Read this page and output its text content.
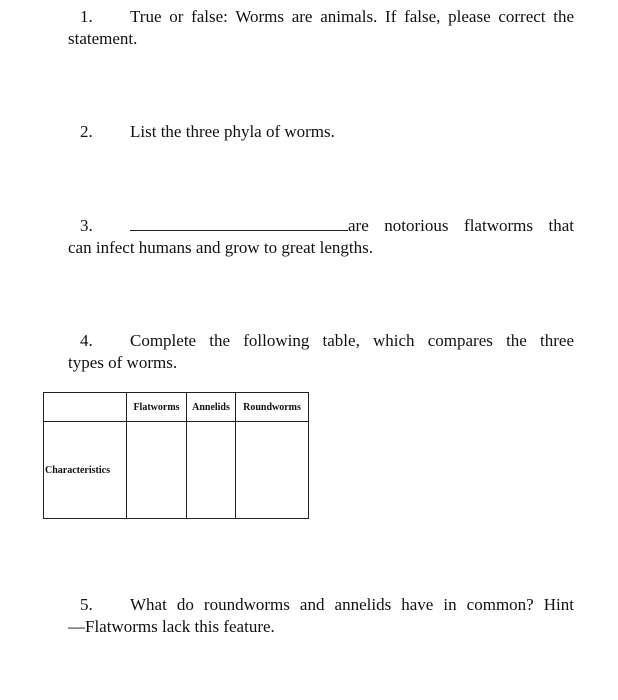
1. True or false: Worms are animals. If false, please correct the
statement.
2. List the three phyla of worms.
3.	are notorious flatworms that
can infect humans and grow to great lengths.
4. Complete the following table, which compares the three
types of worms.
	Flatworms	Annelids	Roundworms
Characteristics			
5. What do roundworms and annelids have in common? Hint
—Flatworms lack this feature.
